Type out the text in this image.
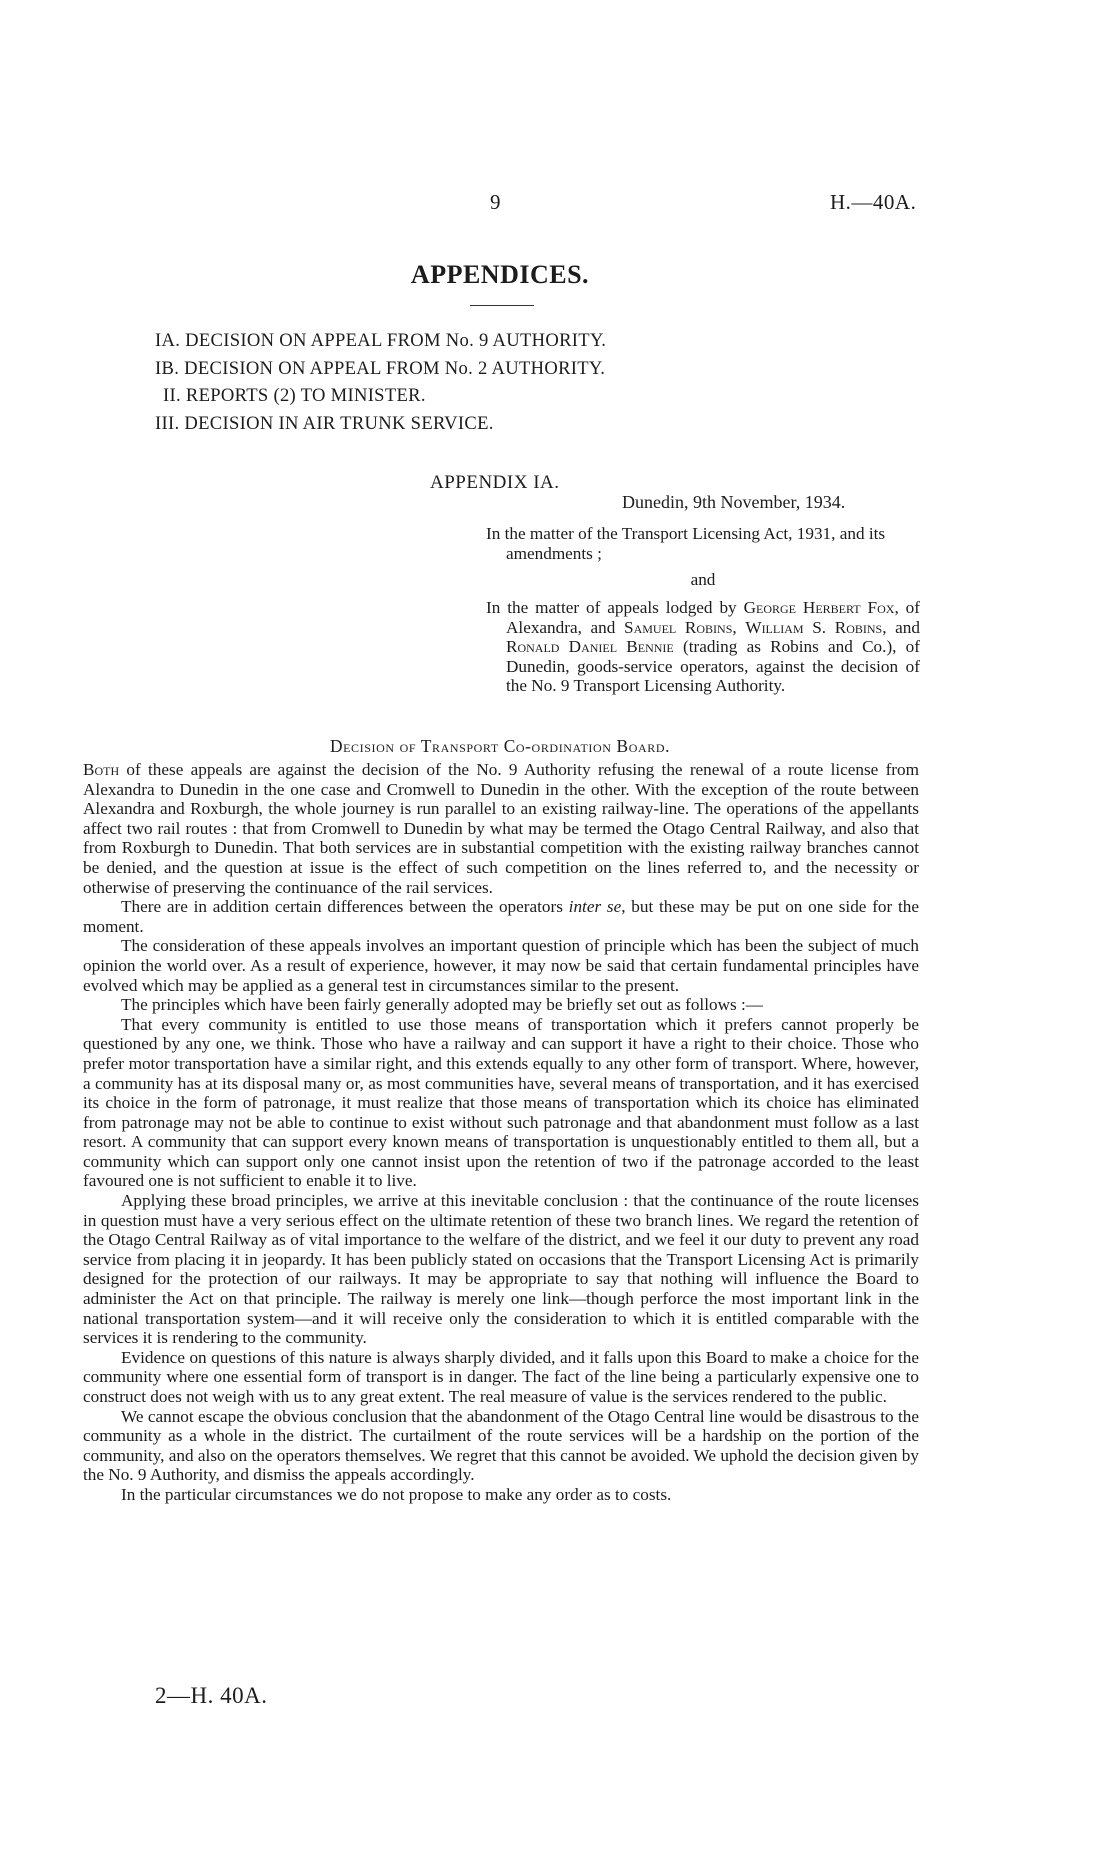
9	H.—40A.
APPENDICES.
IA. DECISION ON APPEAL FROM No. 9 AUTHORITY.
IB. DECISION ON APPEAL FROM No. 2 AUTHORITY.
II. REPORTS (2) TO MINISTER.
III. DECISION IN AIR TRUNK SERVICE.
APPENDIX IA.
Dunedin, 9th November, 1934.

In the matter of the Transport Licensing Act, 1931, and its amendments ;

and

In the matter of appeals lodged by George Herbert Fox, of Alexandra, and Samuel Robins, William S. Robins, and Ronald Daniel Bennie (trading as Robins and Co.), of Dunedin, goods-service operators, against the decision of the No. 9 Transport Licensing Authority.

Decision of Transport Co-ordination Board.

Both of these appeals are against the decision of the No. 9 Authority refusing the renewal of a route license from Alexandra to Dunedin in the one case and Cromwell to Dunedin in the other. With the exception of the route between Alexandra and Roxburgh, the whole journey is run parallel to an existing railway-line. The operations of the appellants affect two rail routes : that from Cromwell to Dunedin by what may be termed the Otago Central Railway, and also that from Roxburgh to Dunedin. That both services are in substantial competition with the existing railway branches cannot be denied, and the question at issue is the effect of such competition on the lines referred to, and the necessity or otherwise of preserving the continuance of the rail services.

There are in addition certain differences between the operators inter se, but these may be put on one side for the moment.

The consideration of these appeals involves an important question of principle which has been the subject of much opinion the world over. As a result of experience, however, it may now be said that certain fundamental principles have evolved which may be applied as a general test in circumstances similar to the present.

The principles which have been fairly generally adopted may be briefly set out as follows :—

That every community is entitled to use those means of transportation which it prefers cannot properly be questioned by any one, we think. Those who have a railway and can support it have a right to their choice. Those who prefer motor transportation have a similar right, and this extends equally to any other form of transport. Where, however, a community has at its disposal many or, as most communities have, several means of transportation, and it has exercised its choice in the form of patronage, it must realize that those means of transportation which its choice has eliminated from patronage may not be able to continue to exist without such patronage and that abandonment must follow as a last resort. A community that can support every known means of transportation is unquestionably entitled to them all, but a community which can support only one cannot insist upon the retention of two if the patronage accorded to the least favoured one is not sufficient to enable it to live.

Applying these broad principles, we arrive at this inevitable conclusion : that the continuance of the route licenses in question must have a very serious effect on the ultimate retention of these two branch lines. We regard the retention of the Otago Central Railway as of vital importance to the welfare of the district, and we feel it our duty to prevent any road service from placing it in jeopardy. It has been publicly stated on occasions that the Transport Licensing Act is primarily designed for the protection of our railways. It may be appropriate to say that nothing will influence the Board to administer the Act on that principle. The railway is merely one link—though perforce the most important link in the national transportation system—and it will receive only the consideration to which it is entitled comparable with the services it is rendering to the community.

Evidence on questions of this nature is always sharply divided, and it falls upon this Board to make a choice for the community where one essential form of transport is in danger. The fact of the line being a particularly expensive one to construct does not weigh with us to any great extent. The real measure of value is the services rendered to the public.

We cannot escape the obvious conclusion that the abandonment of the Otago Central line would be disastrous to the community as a whole in the district. The curtailment of the route services will be a hardship on the portion of the community, and also on the operators themselves. We regret that this cannot be avoided. We uphold the decision given by the No. 9 Authority, and dismiss the appeals accordingly.

In the particular circumstances we do not propose to make any order as to costs.

2—H. 40A.
